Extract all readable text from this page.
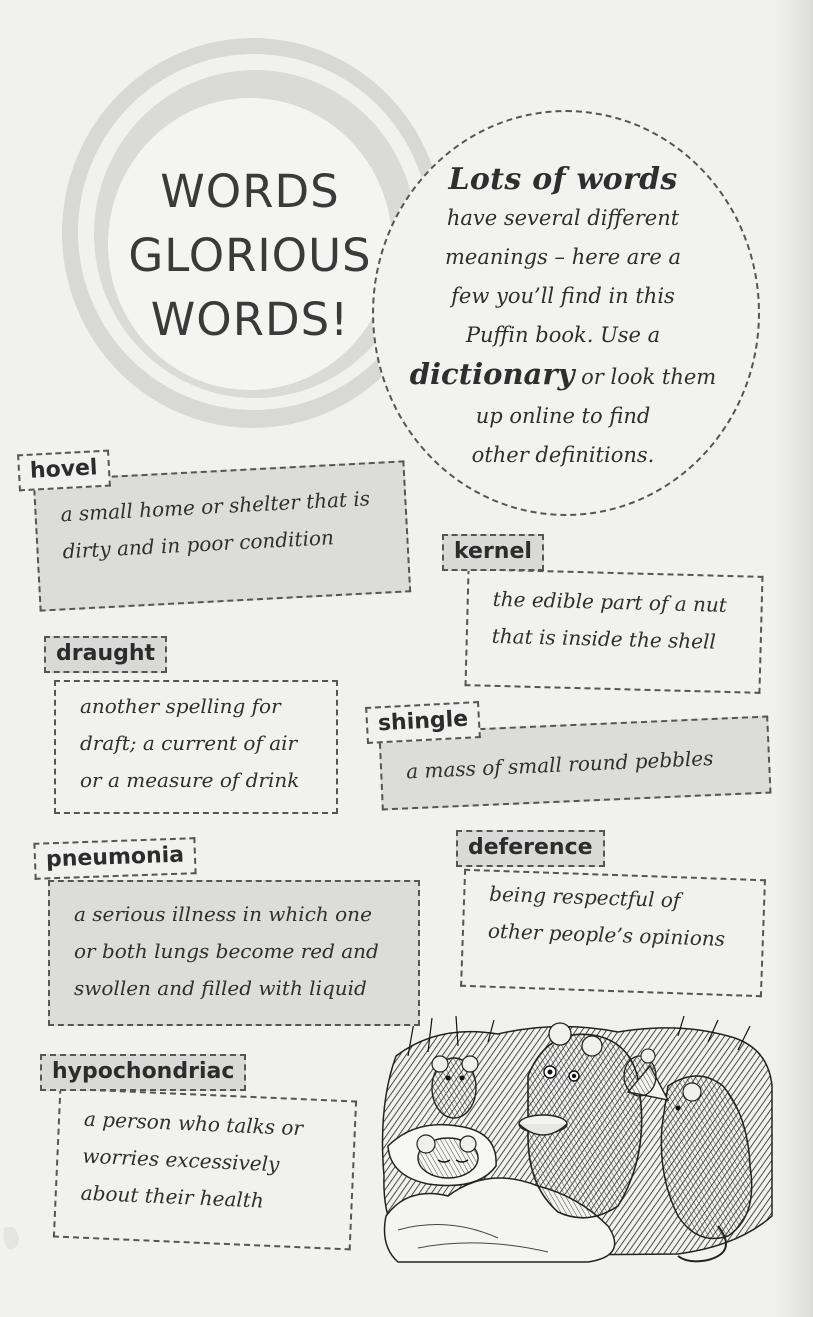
WORDS
GLORIOUS
WORDS!
Lots of words
have several different
meanings – here are a
few you’ll find in this
Puffin book. Use a
dictionary or look them
up online to find
other definitions.
hovel
a small home or shelter that is
dirty and in poor condition	kernel
the edible part of a nut
that is inside the shell
draught
another spelling for
draft; a current of air
or a measure of drink
shingle
a mass of small round pebbles
pneumonia
a serious illness in which one
or both lungs become red and
swollen and filled with liquid
deference
being respectful of
other people’s opinions
hypochondriac
a person who talks or
worries excessively
about their health
